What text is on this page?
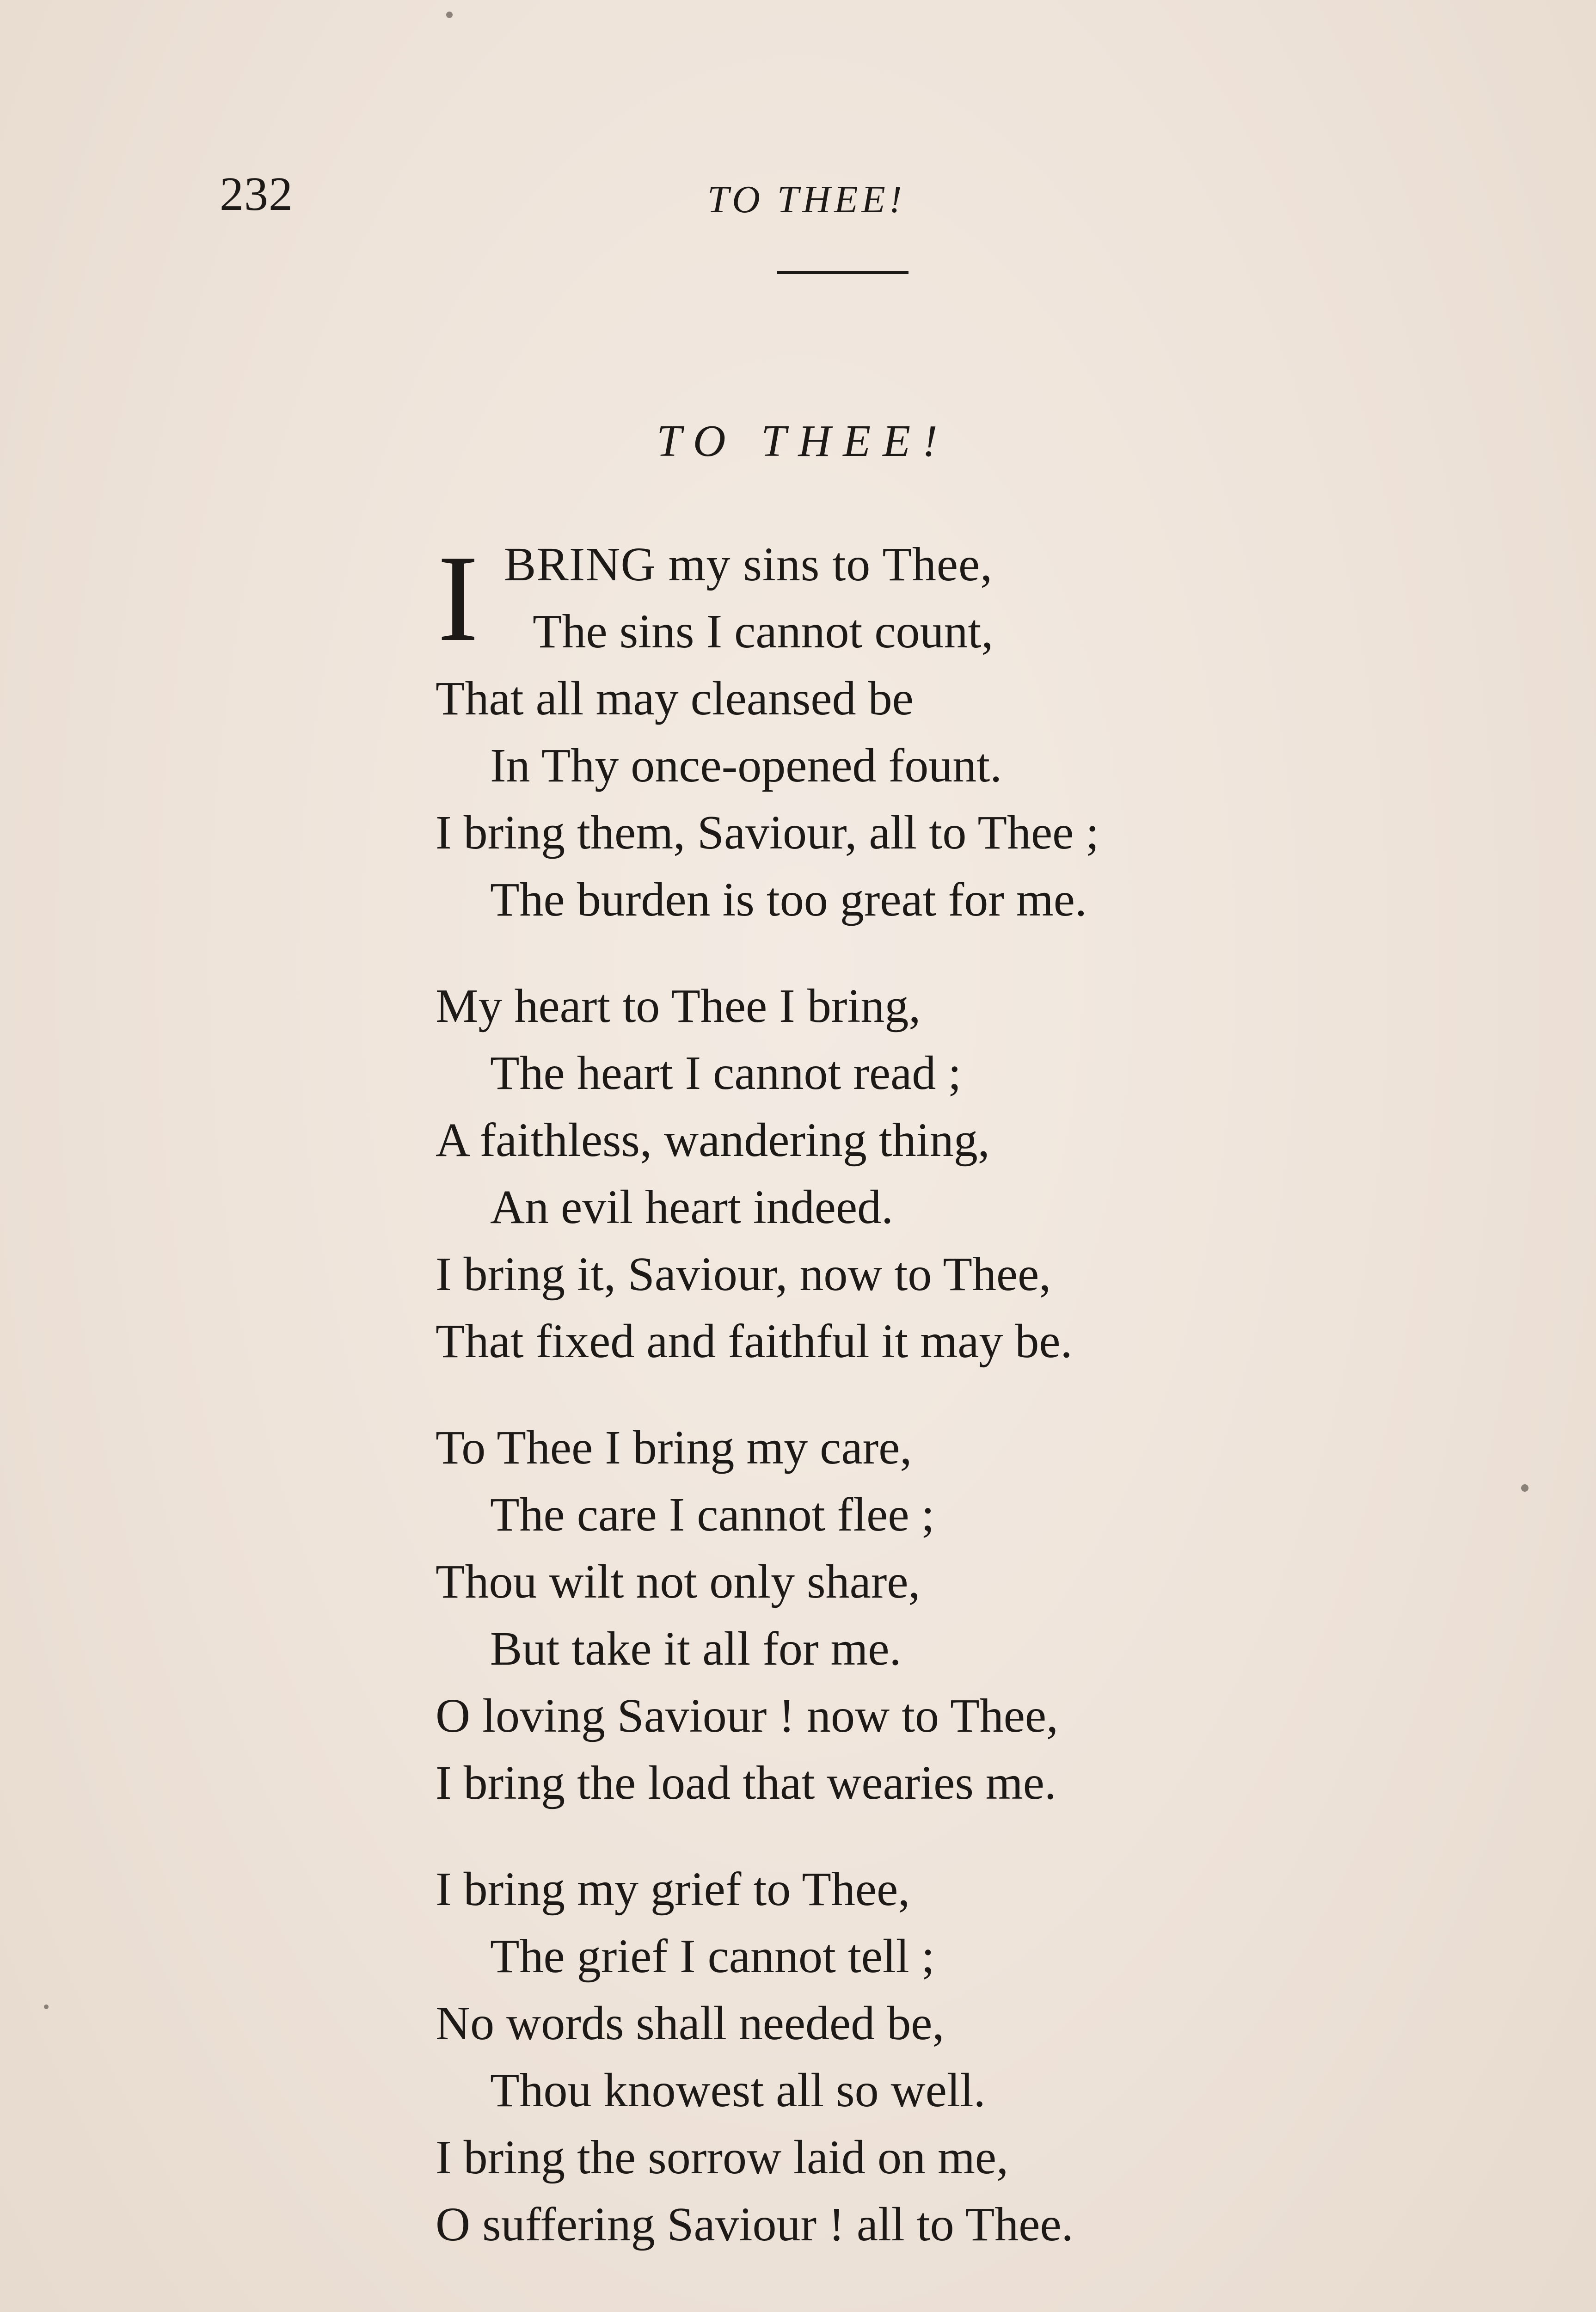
232	TO THEE!
TO THEE!
I BRING my sins to Thee,
The sins I cannot count,
That all may cleansed be
In Thy once-opened fount.
I bring them, Saviour, all to Thee ;
The burden is too great for me.
My heart to Thee I bring,
The heart I cannot read ;
A faithless, wandering thing,
An evil heart indeed.
I bring it, Saviour, now to Thee,
That fixed and faithful it may be.
To Thee I bring my care,
The care I cannot flee ;
Thou wilt not only share,
But take it all for me.
O loving Saviour ! now to Thee,
I bring the load that wearies me.
I bring my grief to Thee,
The grief I cannot tell ;
No words shall needed be,
Thou knowest all so well.
I bring the sorrow laid on me,
O suffering Saviour ! all to Thee.
